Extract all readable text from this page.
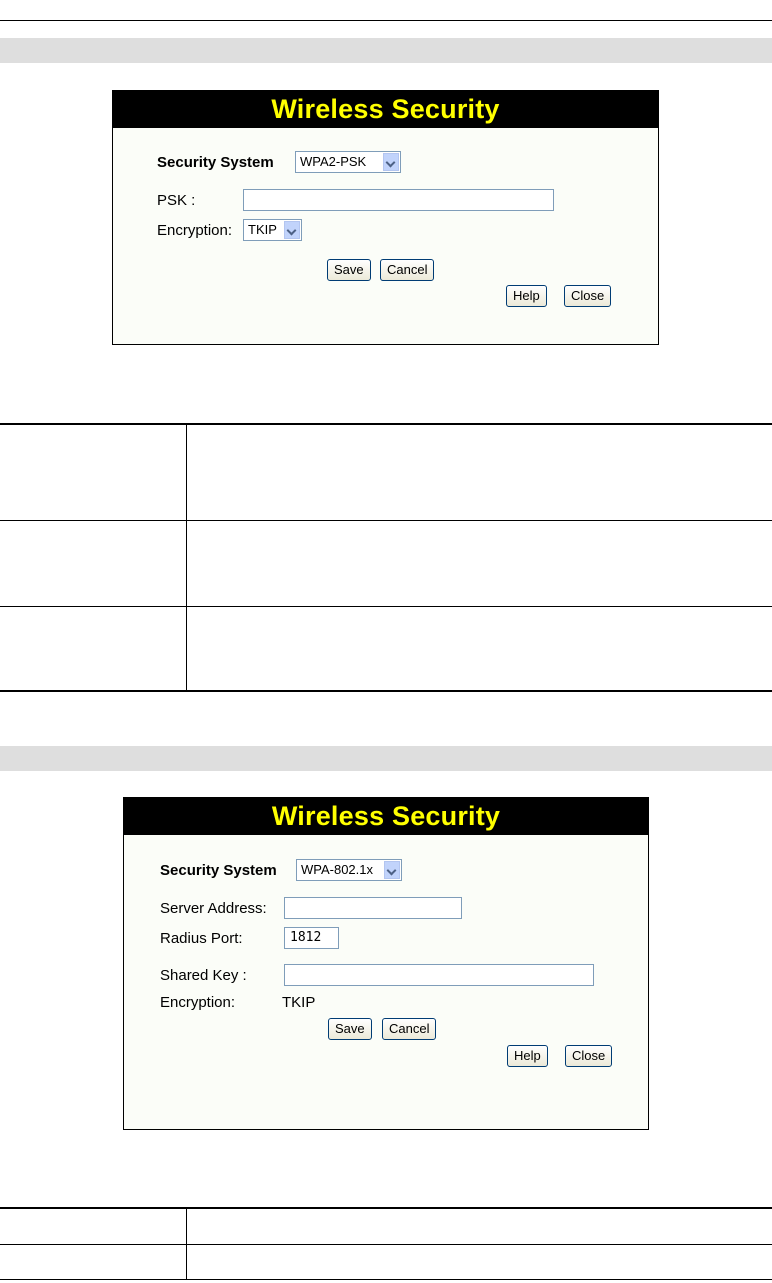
Wireless Security
Security System	WPA2-PSK
PSK :
Encryption:	TKIP
Save	Cancel
Help	Close
Wireless Security
Security System	WPA-802.1x
Server Address:
Radius Port:	1812
Shared Key :
Encryption:	TKIP
Save	Cancel
Help	Close
